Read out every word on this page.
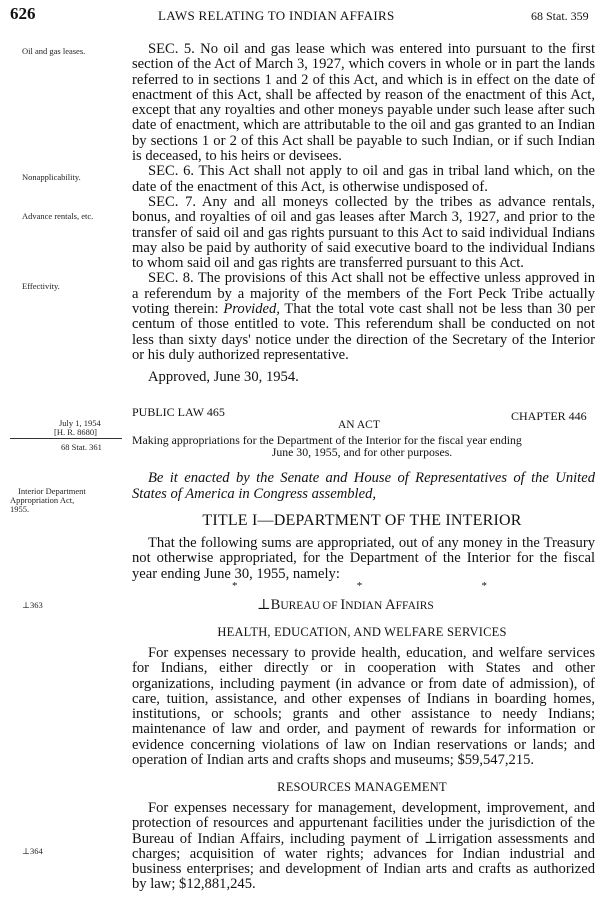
626	LAWS RELATING TO INDIAN AFFAIRS	68 Stat. 359
Oil and gas leases.
Nonapplicability.
Advance rentals, etc.
Effectivity.
July 1, 1954
[H. R. 8680]
68 Stat. 361
Interior Department
Appropriation Act,
1955.
⊥363
⊥364

SEC. 5. No oil and gas lease which was entered into pursuant to the first section of the Act of March 3, 1927, which covers in whole or in part the lands referred to in sections 1 and 2 of this Act, and which is in effect on the date of enactment of this Act, shall be affected by reason of the enactment of this Act, except that any royalties and other moneys payable under such lease after such date of enactment, which are attributable to the oil and gas granted to an Indian by sections 1 or 2 of this Act shall be payable to such Indian, or if such Indian is deceased, to his heirs or devisees.

SEC. 6. This Act shall not apply to oil and gas in tribal land which, on the date of the enactment of this Act, is otherwise undisposed of.

SEC. 7. Any and all moneys collected by the tribes as advance rentals, bonus, and royalties of oil and gas leases after March 3, 1927, and prior to the transfer of said oil and gas rights pursuant to this Act to said individual Indians may also be paid by authority of said executive board to the individual Indians to whom said oil and gas rights are transferred pursuant to this Act.

SEC. 8. The provisions of this Act shall not be effective unless approved in a referendum by a majority of the members of the Fort Peck Tribe actually voting therein: Provided, That the total vote cast shall not be less than 30 per centum of those entitled to vote. This referendum shall be conducted on not less than sixty days' notice under the direction of the Secretary of the Interior or his duly authorized representative.

Approved, June 30, 1954.

PUBLIC LAW 465	CHAPTER 446
AN ACT
Making appropriations for the Department of the Interior for the fiscal year ending
June 30, 1955, and for other purposes.
Be it enacted by the Senate and House of Representatives of the United States of America in Congress assembled,
TITLE I—DEPARTMENT OF THE INTERIOR

That the following sums are appropriated, out of any money in the Treasury not otherwise appropriated, for the Department of the Interior for the fiscal year ending June 30, 1955, namely:

*	*	*
⊥BUREAU OF INDIAN AFFAIRS
HEALTH, EDUCATION, AND WELFARE SERVICES

For expenses necessary to provide health, education, and welfare services for Indians, either directly or in cooperation with States and other organizations, including payment (in advance or from date of admission), of care, tuition, assistance, and other expenses of Indians in boarding homes, institutions, or schools; grants and other assistance to needy Indians; maintenance of law and order, and payment of rewards for information or evidence concerning violations of law on Indian reservations or lands; and operation of Indian arts and crafts shops and museums; $59,547,215.

RESOURCES MANAGEMENT

For expenses necessary for management, development, improvement, and protection of resources and appurtenant facilities under the jurisdiction of the Bureau of Indian Affairs, including payment of ⊥irrigation assessments and charges; acquisition of water rights; advances for Indian industrial and business enterprises; and development of Indian arts and crafts as authorized by law; $12,881,245.
